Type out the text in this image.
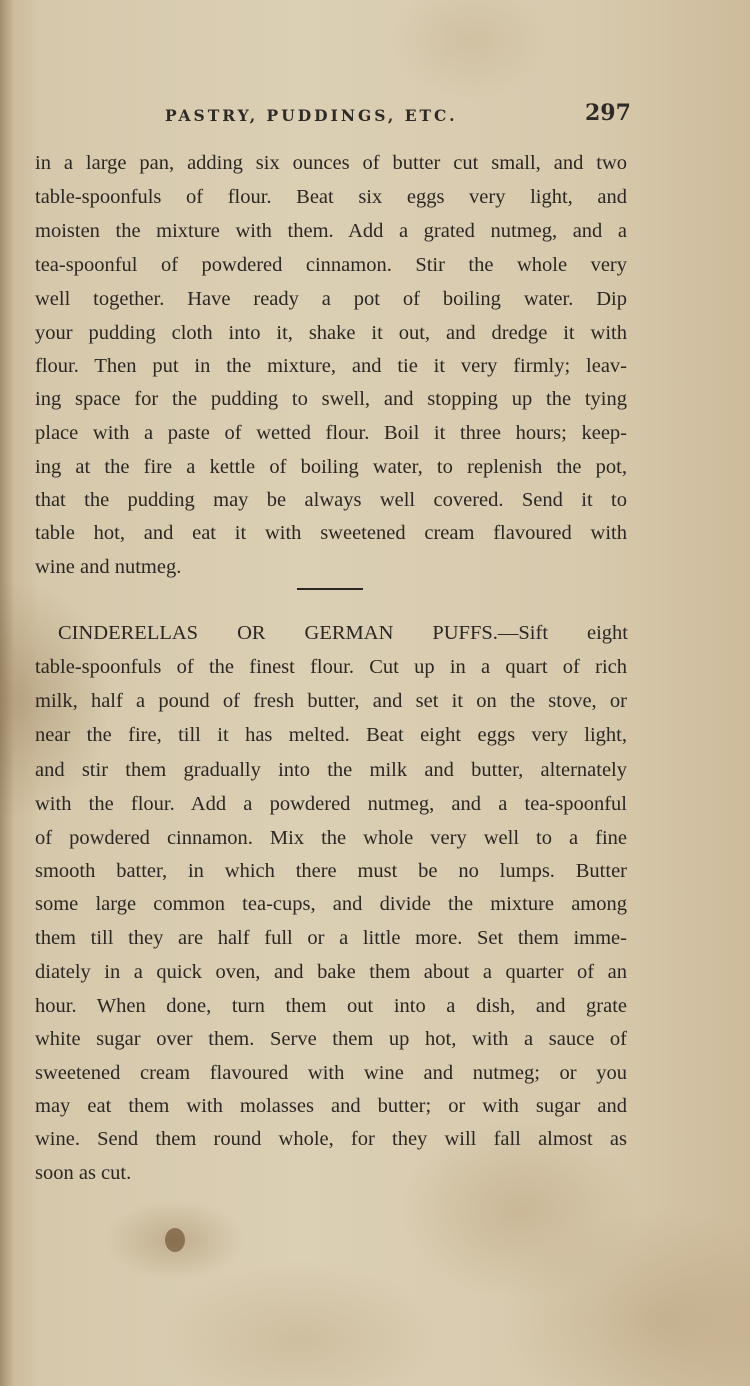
PASTRY, PUDDINGS, ETC.	297
in a large pan, adding six ounces of butter cut small, and two
table-spoonfuls of flour. Beat six eggs very light, and
moisten the mixture with them. Add a grated nutmeg, and a
tea-spoonful of powdered cinnamon. Stir the whole very
well together. Have ready a pot of boiling water. Dip
your pudding cloth into it, shake it out, and dredge it with
flour. Then put in the mixture, and tie it very firmly; leav-
ing space for the pudding to swell, and stopping up the tying
place with a paste of wetted flour. Boil it three hours; keep-
ing at the fire a kettle of boiling water, to replenish the pot,
that the pudding may be always well covered. Send it to
table hot, and eat it with sweetened cream flavoured with
wine and nutmeg.
CINDERELLAS OR GERMAN PUFFS.—Sift eight
table-spoonfuls of the finest flour. Cut up in a quart of rich
milk, half a pound of fresh butter, and set it on the stove, or
near the fire, till it has melted. Beat eight eggs very light,
and stir them gradually into the milk and butter, alternately
with the flour. Add a powdered nutmeg, and a tea-spoonful
of powdered cinnamon. Mix the whole very well to a fine
smooth batter, in which there must be no lumps. Butter
some large common tea-cups, and divide the mixture among
them till they are half full or a little more. Set them imme-
diately in a quick oven, and bake them about a quarter of an
hour. When done, turn them out into a dish, and grate
white sugar over them. Serve them up hot, with a sauce of
sweetened cream flavoured with wine and nutmeg; or you
may eat them with molasses and butter; or with sugar and
wine. Send them round whole, for they will fall almost as
soon as cut.
